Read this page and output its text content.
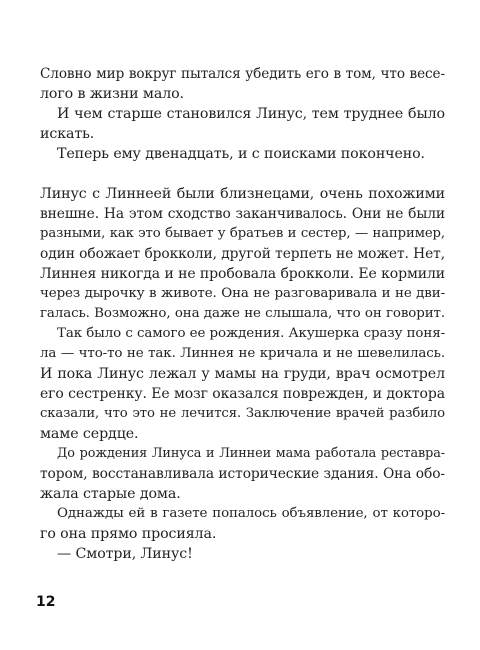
Словно мир вокруг пытался убедить его в том, что весе-
лого в жизни мало.
И чем старше становился Линус, тем труднее было
искать.
Теперь ему двенадцать, и с поисками покончено.
Линус с Линнеей были близнецами, очень похожими
внешне. На этом сходство заканчивалось. Они не были
разными, как это бывает у братьев и сестер, — например,
один обожает брокколи, другой терпеть не может. Нет,
Линнея никогда и не пробовала брокколи. Ее кормили
через дырочку в животе. Она не разговаривала и не дви-
галась. Возможно, она даже не слышала, что он говорит.
Так было с самого ее рождения. Акушерка сразу поня-
ла — что-то не так. Линнея не кричала и не шевелилась.
И пока Линус лежал у мамы на груди, врач осмотрел
его сестренку. Ее мозг оказался поврежден, и доктора
сказали, что это не лечится. Заключение врачей разбило
маме сердце.
До рождения Линуса и Линнеи мама работала реставра-
тором, восстанавливала исторические здания. Она обо-
жала старые дома.
Однажды ей в газете попалось объявление, от которо-
го она прямо просияла.
— Смотри, Линус!
12
